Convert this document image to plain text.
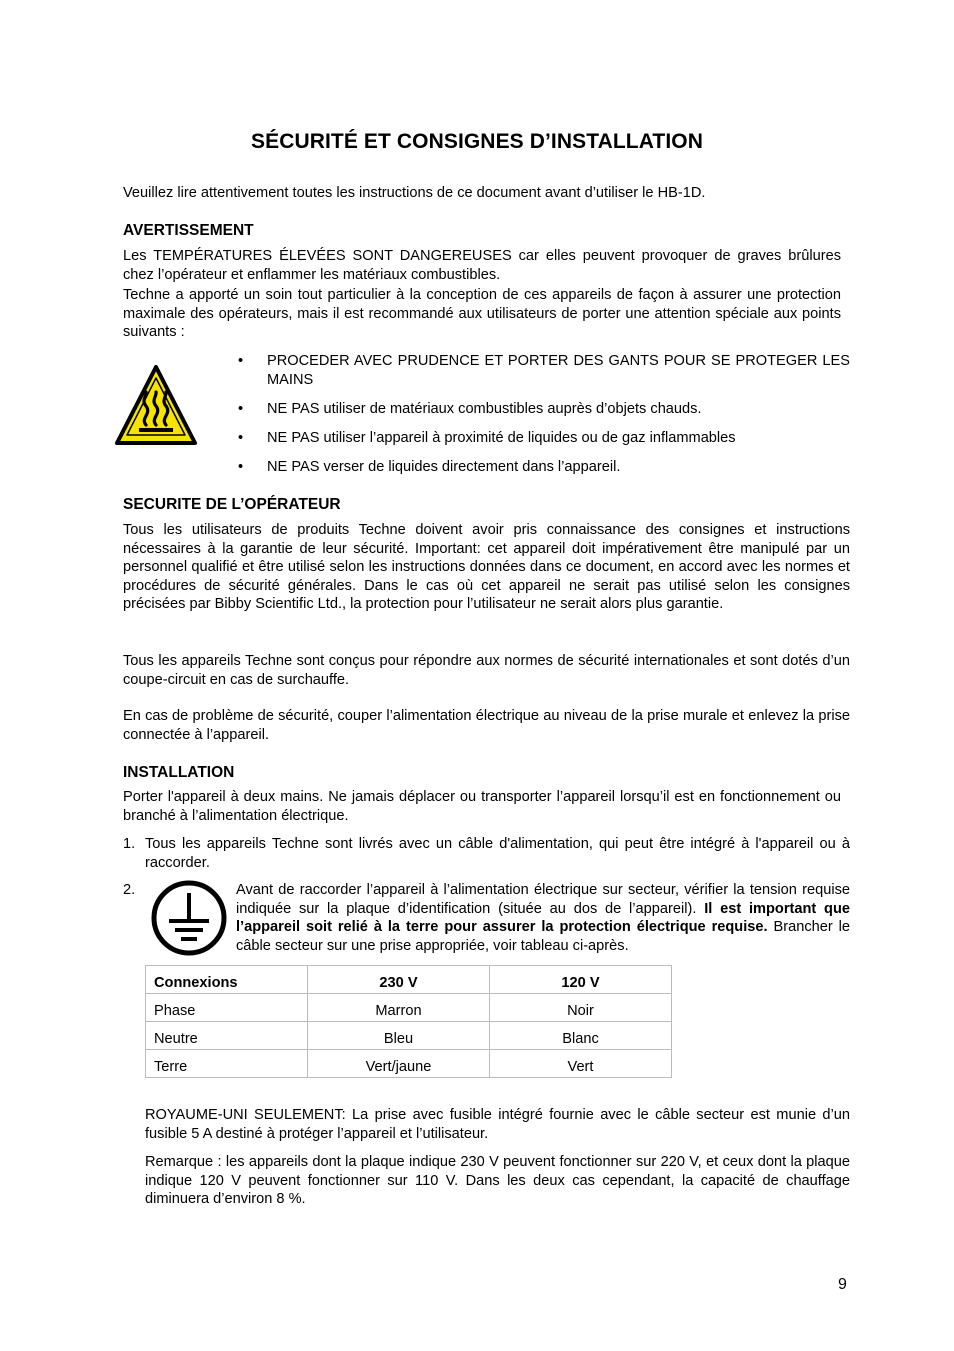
SÉCURITÉ ET CONSIGNES D’INSTALLATION

Veuillez lire attentivement toutes les instructions de ce document avant d’utiliser le HB-1D.

AVERTISSEMENT

Les TEMPÉRATURES ÉLEVÉES SONT DANGEREUSES car elles peuvent provoquer de graves brûlures chez l’opérateur et enflammer les matériaux combustibles.

Techne a apporté un soin tout particulier à la conception de ces appareils de façon à assurer une protection maximale des opérateurs, mais il est recommandé aux utilisateurs de porter une attention spéciale aux points suivants :

•	PROCEDER AVEC PRUDENCE ET PORTER DES GANTS POUR SE PROTEGER LES MAINS
•	NE PAS utiliser de matériaux combustibles auprès d’objets chauds.
•	NE PAS utiliser l’appareil à proximité de liquides ou de gaz inflammables
•	NE PAS verser de liquides directement dans l’appareil.
SECURITE DE L’OPÉRATEUR

Tous les utilisateurs de produits Techne doivent avoir pris connaissance des consignes et instructions nécessaires à la garantie de leur sécurité. Important: cet appareil doit impérativement être manipulé par un personnel qualifié et être utilisé selon les instructions données dans ce document, en accord avec les normes et procédures de sécurité générales. Dans le cas où cet appareil ne serait pas utilisé selon les consignes précisées par Bibby Scientific Ltd., la protection pour l’utilisateur ne serait alors plus garantie.

Tous les appareils Techne sont conçus pour répondre aux normes de sécurité internationales et sont dotés d’un coupe-circuit en cas de surchauffe.

En cas de problème de sécurité, couper l’alimentation électrique au niveau de la prise murale et enlevez la prise connectée à l’appareil.

INSTALLATION

Porter l'appareil à deux mains. Ne jamais déplacer ou transporter l’appareil lorsqu’il est en fonctionnement ou branché à l’alimentation électrique.

1. Tous les appareils Techne sont livrés avec un câble d'alimentation, qui peut être intégré à l'appareil ou à raccorder.

2.	Avant de raccorder l’appareil à l’alimentation électrique sur secteur, vérifier la tension requise indiquée sur la plaque d’identification (située au dos de l’appareil). Il est important que l’appareil soit relié à la terre pour assurer la protection électrique requise. Brancher le câble secteur sur une prise appropriée, voir tableau ci-après.

Connexions	230 V	120 V
Phase	Marron	Noir
Neutre	Bleu	Blanc
Terre	Vert/jaune	Vert

ROYAUME-UNI SEULEMENT: La prise avec fusible intégré fournie avec le câble secteur est munie d’un fusible 5 A destiné à protéger l’appareil et l’utilisateur.

Remarque : les appareils dont la plaque indique 230 V peuvent fonctionner sur 220 V, et ceux dont la plaque indique 120 V peuvent fonctionner sur 110 V. Dans les deux cas cependant, la capacité de chauffage diminuera d’environ 8 %.

9
